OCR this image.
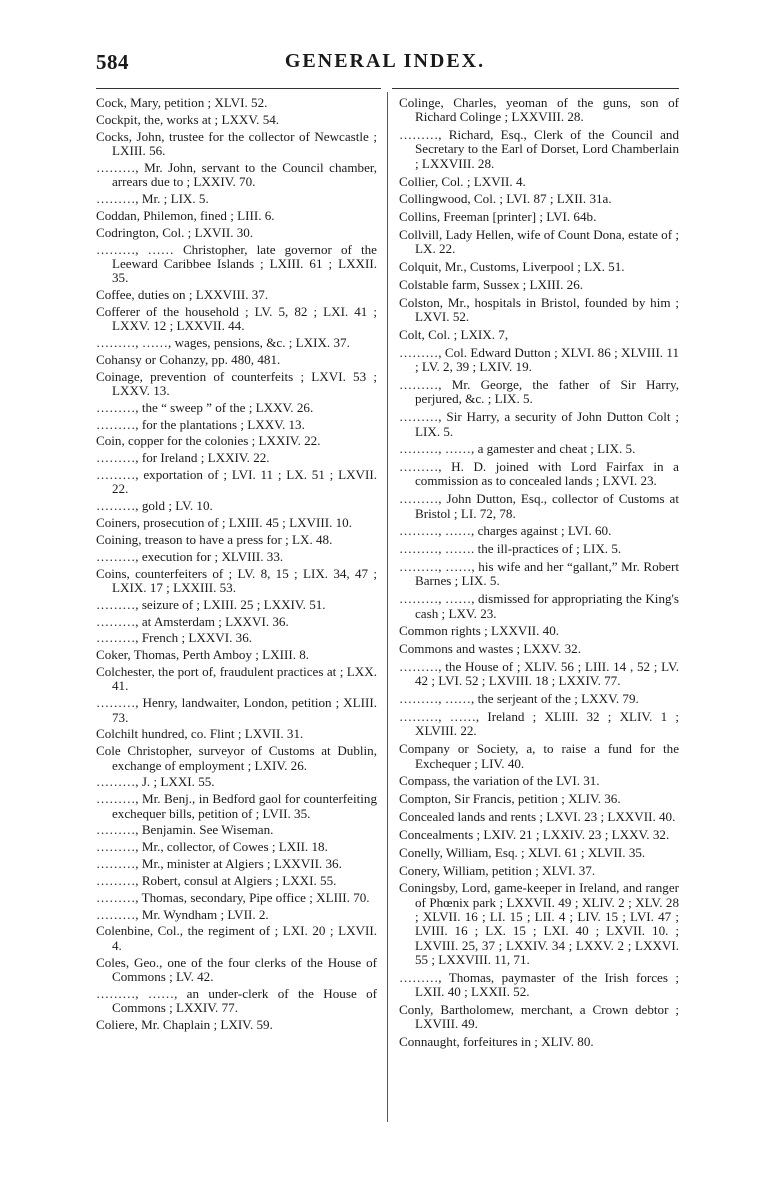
584	GENERAL INDEX.

Cock, Mary, petition ; XLVI. 52.

Cockpit, the, works at ; LXXV. 54.

Cocks, John, trustee for the collector of Newcastle ; LXIII. 56.

………, Mr. John, servant to the Council chamber, arrears due to ; LXXIV. 70.

………, Mr. ; LIX. 5.

Coddan, Philemon, fined ; LIII. 6.

Codrington, Col. ; LXVII. 30.

………, …… Christopher, late governor of the Leeward Caribbee Islands ; LXIII. 61 ; LXXII. 35.

Coffee, duties on ; LXXVIII. 37.

Cofferer of the household ; LV. 5, 82 ; LXI. 41 ; LXXV. 12 ; LXXVII. 44.

………, ……, wages, pensions, &c. ; LXIX. 37.

Cohansy or Cohanzy, pp. 480, 481.

Coinage, prevention of counterfeits ; LXVI. 53 ; LXXV. 13.

………, the “ sweep ” of the ; LXXV. 26.

………, for the plantations ; LXXV. 13.

Coin, copper for the colonies ; LXXIV. 22.

………, for Ireland ; LXXIV. 22.

………, exportation of ; LVI. 11 ; LX. 51 ; LXVII. 22.

………, gold ; LV. 10.

Coiners, prosecution of ; LXIII. 45 ; LXVIII. 10.

Coining, treason to have a press for ; LX. 48.

………, execution for ; XLVIII. 33.

Coins, counterfeiters of ; LV. 8, 15 ; LIX. 34, 47 ; LXIX. 17 ; LXXIII. 53.

………, seizure of ; LXIII. 25 ; LXXIV. 51.

………, at Amsterdam ; LXXVI. 36.

………, French ; LXXVI. 36.

Coker, Thomas, Perth Amboy ; LXIII. 8.

Colchester, the port of, fraudulent practices at ; LXX. 41.

………, Henry, landwaiter, London, petition ; XLIII. 73.

Colchilt hundred, co. Flint ; LXVII. 31.

Cole Christopher, surveyor of Customs at Dublin, exchange of employment ; LXIV. 26.

………, J. ; LXXI. 55.

………, Mr. Benj., in Bedford gaol for counterfeiting exchequer bills, petition of ; LVII. 35.

………, Benjamin. See Wiseman.

………, Mr., collector, of Cowes ; LXII. 18.

………, Mr., minister at Algiers ; LXXVII. 36.

………, Robert, consul at Algiers ; LXXI. 55.

………, Thomas, secondary, Pipe office ; XLIII. 70.

………, Mr. Wyndham ; LVII. 2.

Colenbine, Col., the regiment of ; LXI. 20 ; LXVII. 4.

Coles, Geo., one of the four clerks of the House of Commons ; LV. 42.

………, ……, an under-clerk of the House of Commons ; LXXIV. 77.

Coliere, Mr. Chaplain ; LXIV. 59.

Colinge, Charles, yeoman of the guns, son of Richard Colinge ; LXXVIII. 28.

………, Richard, Esq., Clerk of the Council and Secretary to the Earl of Dorset, Lord Chamberlain ; LXXVIII. 28.

Collier, Col. ; LXVII. 4.

Collingwood, Col. ; LVI. 87 ; LXII. 31a.

Collins, Freeman [printer] ; LVI. 64b.

Collvill, Lady Hellen, wife of Count Dona, estate of ; LX. 22.

Colquit, Mr., Customs, Liverpool ; LX. 51.

Colstable farm, Sussex ; LXIII. 26.

Colston, Mr., hospitals in Bristol, founded by him ; LXVI. 52.

Colt, Col. ; LXIX. 7,

………, Col. Edward Dutton ; XLVI. 86 ; XLVIII. 11 ; LV. 2, 39 ; LXIV. 19.

………, Mr. George, the father of Sir Harry, perjured, &c. ; LIX. 5.

………, Sir Harry, a security of John Dutton Colt ; LIX. 5.

………, ……, a gamester and cheat ; LIX. 5.

………, H. D. joined with Lord Fairfax in a commission as to concealed lands ; LXVI. 23.

………, John Dutton, Esq., collector of Customs at Bristol ; LI. 72, 78.

………, ……, charges against ; LVI. 60.

………, ……. the ill-practices of ; LIX. 5.

………, ……, his wife and her “gallant,” Mr. Robert Barnes ; LIX. 5.

………, ……, dismissed for appropriating the King's cash ; LXV. 23.

Common rights ; LXXVII. 40.

Commons and wastes ; LXXV. 32.

………, the House of ; XLIV. 56 ; LIII. 14 , 52 ; LV. 42 ; LVI. 52 ; LXVIII. 18 ; LXXIV. 77.

………, ……, the serjeant of the ; LXXV. 79.

………, ……, Ireland ; XLIII. 32 ; XLIV. 1 ; XLVIII. 22.

Company or Society, a, to raise a fund for the Exchequer ; LIV. 40.

Compass, the variation of the LVI. 31.

Compton, Sir Francis, petition ; XLIV. 36.

Concealed lands and rents ; LXVI. 23 ; LXXVII. 40.

Concealments ; LXIV. 21 ; LXXIV. 23 ; LXXV. 32.

Conelly, William, Esq. ; XLVI. 61 ; XLVII. 35.

Conery, William, petition ; XLVI. 37.

Coningsby, Lord, game-keeper in Ireland, and ranger of Phœnix park ; LXXVII. 49 ; XLIV. 2 ; XLV. 28 ; XLVII. 16 ; LI. 15 ; LII. 4 ; LIV. 15 ; LVI. 47 ; LVIII. 16 ; LX. 15 ; LXI. 40 ; LXVII. 10. ; LXVIII. 25, 37 ; LXXIV. 34 ; LXXV. 2 ; LXXVI. 55 ; LXXVIII. 11, 71.

………, Thomas, paymaster of the Irish forces ; LXII. 40 ; LXXII. 52.

Conly, Bartholomew, merchant, a Crown debtor ; LXVIII. 49.

Connaught, forfeitures in ; XLIV. 80.
